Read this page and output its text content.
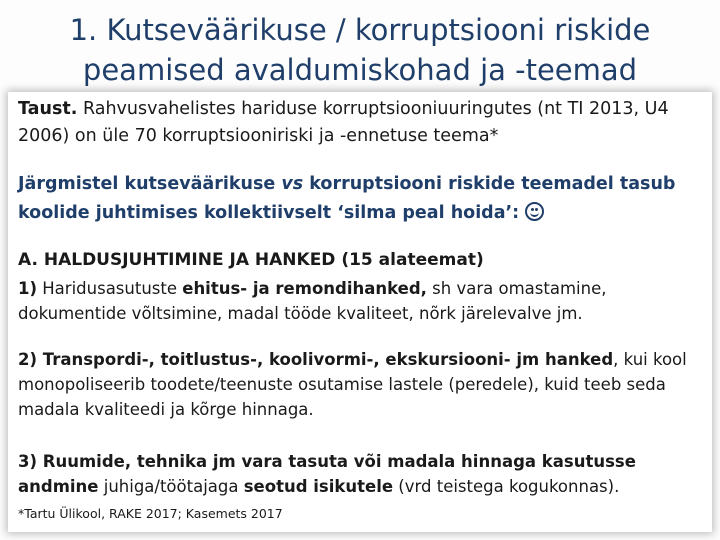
1. Kutseväärikuse / korruptsiooni riskide
peamised avaldumiskohad ja -teemad
Taust. Rahvusvahelistes hariduse korruptsiooniuuringutes (nt TI 2013, U4 2006) on üle 70 korruptsiooniriski ja -ennetuse teema*
Järgmistel kutseväärikuse vs korruptsiooni riskide teemadel tasub koolide juhtimises kollektiivselt ‘silma peal hoida’:
A. HALDUSJUHTIMINE JA HANKED (15 alateemat)
1) Haridusasutuste ehitus- ja remondihanked, sh vara omastamine, dokumentide võltsimine, madal tööde kvaliteet, nõrk järelevalve jm.
2) Transpordi-, toitlustus-, koolivormi-, ekskursiooni- jm hanked, kui kool monopoliseerib toodete/teenuste osutamise lastele (peredele), kuid teeb seda madala kvaliteedi ja kõrge hinnaga.
3) Ruumide, tehnika jm vara tasuta või madala hinnaga kasutusse andmine juhiga/töötajaga seotud isikutele (vrd teistega kogukonnas).
*Tartu Ülikool, RAKE 2017; Kasemets 2017
